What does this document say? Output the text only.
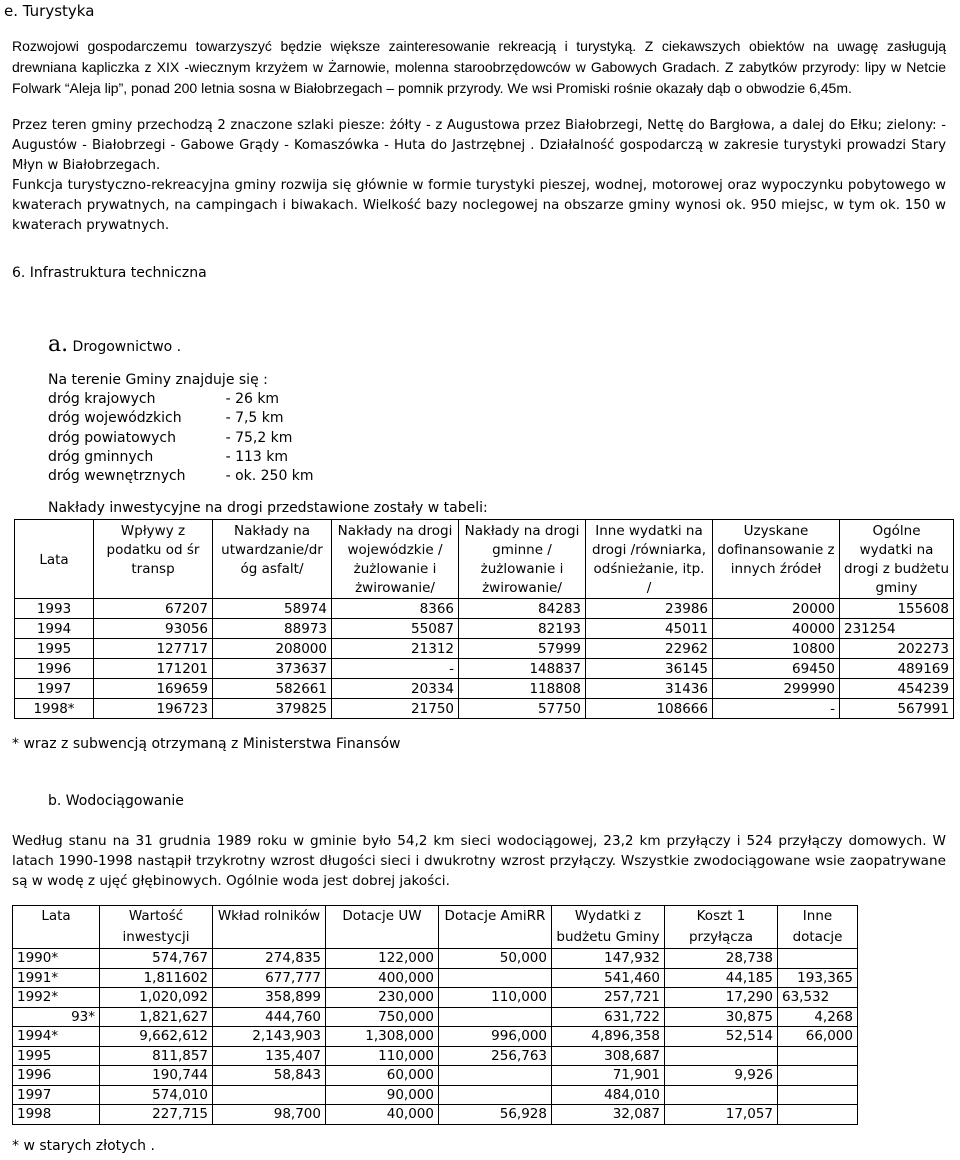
e. Turystyka
Rozwojowi gospodarczemu towarzyszyć będzie większe zainteresowanie rekreacją i turystyką. Z ciekawszych obiektów na uwagę zasługują drewniana kapliczka z XIX -wiecznym krzyżem w Żarnowie, molenna staroobrzędowców w Gabowych Gradach. Z zabytków przyrody: lipy w Netcie Folwark “Aleja lip”, ponad 200 letnia sosna w Białobrzegach – pomnik przyrody. We wsi Promiski rośnie okazały dąb o obwodzie 6,45m.
Przez teren gminy przechodzą 2 znaczone szlaki piesze: żółty - z Augustowa przez Białobrzegi, Nettę do Bargłowa, a dalej do Ełku; zielony: - Augustów - Białobrzegi - Gabowe Grądy - Komaszówka - Huta do Jastrzębnej . Działalność gospodarczą w zakresie turystyki prowadzi Stary Młyn w Białobrzegach.
Funkcja turystyczno-rekreacyjna gminy rozwija się głównie w formie turystyki pieszej, wodnej, motorowej oraz wypoczynku pobytowego w kwaterach prywatnych, na campingach i biwakach. Wielkość bazy noclegowej na obszarze gminy wynosi ok. 950 miejsc, w tym ok. 150 w kwaterach prywatnych.
6. Infrastruktura techniczna
a. Drogownictwo .
Na terenie Gminy znajduje się :
dróg krajowych	- 26 km
dróg wojewódzkich	- 7,5 km
dróg powiatowych	- 75,2 km
dróg gminnych	- 113 km
dróg wewnętrznych	- ok. 250 km
Nakłady inwestycyjne na drogi przedstawione zostały w tabeli:
Lata	Wpływy z podatku od śr transp	Nakłady na utwardzanie/dr óg asfalt/	Nakłady na drogi wojewódzkie /żużlowanie i żwirowanie/	Nakłady na drogi gminne /żużlowanie i żwirowanie/	Inne wydatki na drogi /równiarka, odśnieżanie, itp. /	Uzyskane dofinansowanie z innych źródeł	Ogólne wydatki na drogi z budżetu gminy
1993	67207	58974	8366	84283	23986	20000	155608
1994	93056	88973	55087	82193	45011	40000	231254
1995	127717	208000	21312	57999	22962	10800	202273
1996	171201	373637	-	148837	36145	69450	489169
1997	169659	582661	20334	118808	31436	299990	454239
1998*	196723	379825	21750	57750	108666	-	567991
* wraz z subwencją otrzymaną z Ministerstwa Finansów
b. Wodociągowanie
Według stanu na 31 grudnia 1989 roku w gminie było 54,2 km sieci wodociągowej, 23,2 km przyłączy i 524 przyłączy domowych. W latach 1990-1998 nastąpił trzykrotny wzrost długości sieci i dwukrotny wzrost przyłączy. Wszystkie zwodociągowane wsie zaopatrywane są w wodę z ujęć głębinowych. Ogólnie woda jest dobrej jakości.
Lata	Wartość inwestycji	Wkład rolników	Dotacje UW	Dotacje AmiRR	Wydatki z budżetu Gminy	Koszt 1 przyłącza	Inne dotacje
1990*	574,767	274,835	122,000	50,000	147,932	28,738	
1991*	1,811602	677,777	400,000		541,460	44,185	193,365
1992*	1,020,092	358,899	230,000	110,000	257,721	17,290	63,532
93*	1,821,627	444,760	750,000		631,722	30,875	4,268
1994*	9,662,612	2,143,903	1,308,000	996,000	4,896,358	52,514	66,000
1995	811,857	135,407	110,000	256,763	308,687		
1996	190,744	58,843	60,000		71,901	9,926	
1997	574,010		90,000		484,010		
1998	227,715	98,700	40,000	56,928	32,087	17,057	
* w starych złotych .
